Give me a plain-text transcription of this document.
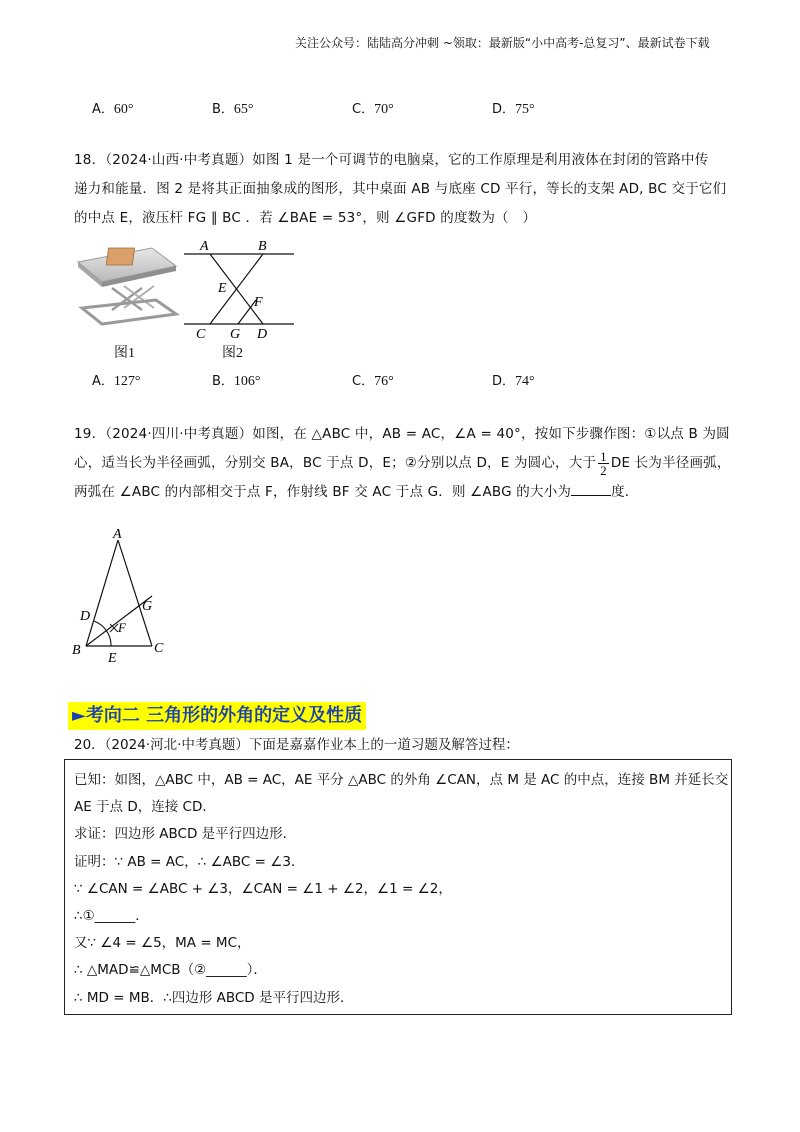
关注公众号：陆陆高分冲刺 ~领取：最新版“小中高考-总复习”、最新试卷下载
A．60°	B．65°	C．70°	D．75°
18．（2024·山西·中考真题）如图 1 是一个可调节的电脑桌，它的工作原理是利用液体在封闭的管路中传
递力和能量．图 2 是将其正面抽象成的图形，其中桌面 AB 与底座 CD 平行，等长的支架 AD, BC 交于它们
的中点 E，液压杆 FG ∥ BC ．若 ∠BAE = 53°，则 ∠GFD 的度数为（　）
A	B
E
F
C G D
图1	图2
A．127°	B．106°	C．76°	D．74°
19．（2024·四川·中考真题）如图，在 △ABC 中，AB = AC，∠A = 40°，按如下步骤作图：①以点 B 为圆
心，适当长为半径画弧，分别交 BA，BC 于点 D，E；②分别以点 D，E 为圆心，大于 $\frac{1}{2}$ DE 长为半径画弧，
两弧在 ∠ABC 的内部相交于点 F，作射线 BF 交 AC 于点 G．则 ∠ABG 的大小为	度．
A
D
G
F
B
E
C
►考向二 三角形的外角的定义及性质
20．（2024·河北·中考真题）下面是嘉嘉作业本上的一道习题及解答过程：
已知：如图，△ABC 中，AB = AC，AE 平分 △ABC 的外角 ∠CAN，点 M 是 AC 的中点，连接 BM 并延长交
AE 于点 D，连接 CD．
求证：四边形 ABCD 是平行四边形．
证明：∵ AB = AC，∴ ∠ABC = ∠3．
∵ ∠CAN = ∠ABC + ∠3，∠CAN = ∠1 + ∠2，∠1 = ∠2，
∴①______．
又∵ ∠4 = ∠5，MA = MC，
∴ △MAD≌△MCB（②______）．
∴ MD = MB．∴四边形 ABCD 是平行四边形．
